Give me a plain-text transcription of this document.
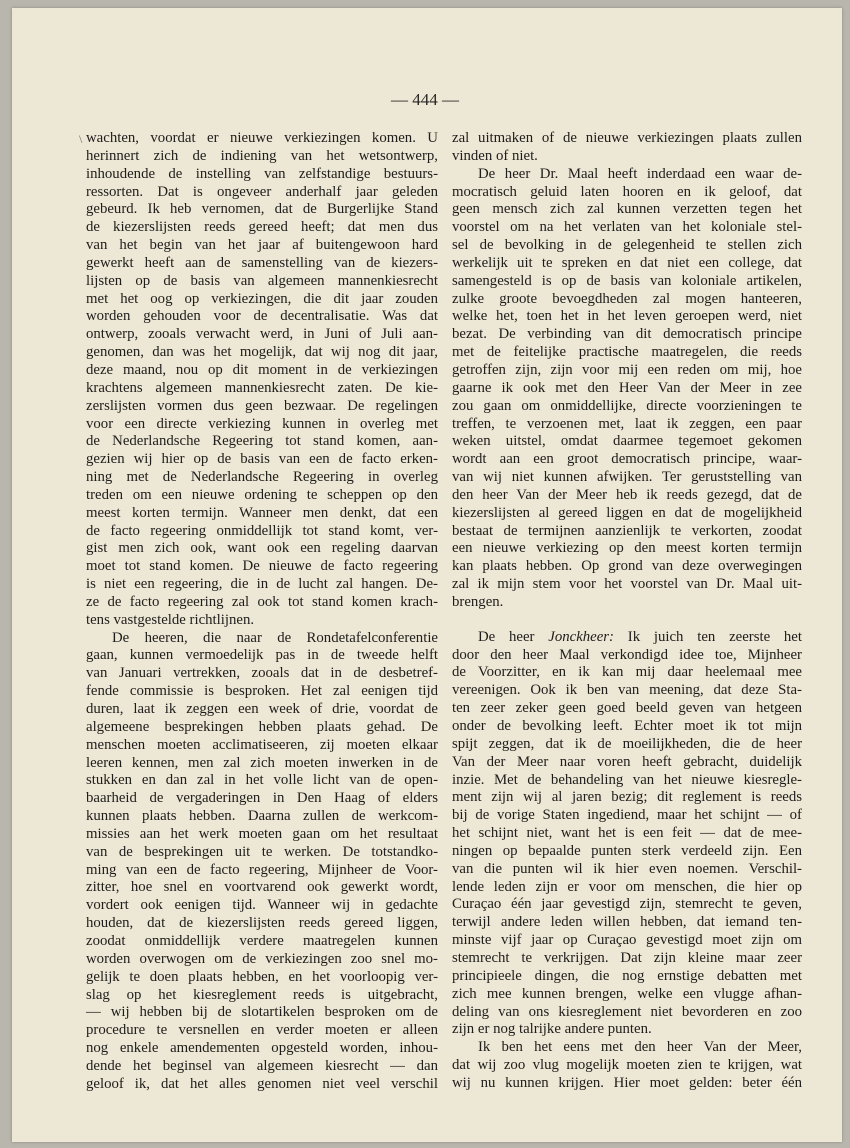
— 444 —
\ wachten, voordat er nieuwe verkiezingen komen. U

herinnert zich de indiening van het wetsontwerp,

inhoudende de instelling van zelfstandige bestuurs-

ressorten. Dat is ongeveer anderhalf jaar geleden

gebeurd. Ik heb vernomen, dat de Burgerlijke Stand

de kiezerslijsten reeds gereed heeft; dat men dus

van het begin van het jaar af buitengewoon hard

gewerkt heeft aan de samenstelling van de kiezers-

lijsten op de basis van algemeen mannenkiesrecht

met het oog op verkiezingen, die dit jaar zouden

worden gehouden voor de decentralisatie. Was dat

ontwerp, zooals verwacht werd, in Juni of Juli aan-

genomen, dan was het mogelijk, dat wij nog dit jaar,

deze maand, nou op dit moment in de verkiezingen

krachtens algemeen mannenkiesrecht zaten. De kie-

zerslijsten vormen dus geen bezwaar. De regelingen

voor een directe verkiezing kunnen in overleg met

de Nederlandsche Regeering tot stand komen, aan-

gezien wij hier op de basis van een de facto erken-

ning met de Nederlandsche Regeering in overleg

treden om een nieuwe ordening te scheppen op den

meest korten termijn. Wanneer men denkt, dat een

de facto regeering onmiddellijk tot stand komt, ver-

gist men zich ook, want ook een regeling daarvan

moet tot stand komen. De nieuwe de facto regeering

is niet een regeering, die in de lucht zal hangen. De-

ze de facto regeering zal ook tot stand komen krach-

tens vastgestelde richtlijnen.

De heeren, die naar de Rondetafelconferentie

gaan, kunnen vermoedelijk pas in de tweede helft

van Januari vertrekken, zooals dat in de desbetref-

fende commissie is besproken. Het zal eenigen tijd

duren, laat ik zeggen een week of drie, voordat de

algemeene besprekingen hebben plaats gehad. De

menschen moeten acclimatiseeren, zij moeten elkaar

leeren kennen, men zal zich moeten inwerken in de

stukken en dan zal in het volle licht van de open-

baarheid de vergaderingen in Den Haag of elders

kunnen plaats hebben. Daarna zullen de werkcom-

missies aan het werk moeten gaan om het resultaat

van de besprekingen uit te werken. De totstandko-

ming van een de facto regeering, Mijnheer de Voor-

zitter, hoe snel en voortvarend ook gewerkt wordt,

vordert ook eenigen tijd. Wanneer wij in gedachte

houden, dat de kiezerslijsten reeds gereed liggen,

zoodat onmiddellijk verdere maatregelen kunnen

worden overwogen om de verkiezingen zoo snel mo-

gelijk te doen plaats hebben, en het voorloopig ver-

slag op het kiesreglement reeds is uitgebracht,

— wij hebben bij de slotartikelen besproken om de

procedure te versnellen en verder moeten er alleen

nog enkele amendementen opgesteld worden, inhou-

dende het beginsel van algemeen kiesrecht — dan

geloof ik, dat het alles genomen niet veel verschil

zal uitmaken of de nieuwe verkiezingen plaats zullen

vinden of niet.

De heer Dr. Maal heeft inderdaad een waar de-

mocratisch geluid laten hooren en ik geloof, dat

geen mensch zich zal kunnen verzetten tegen het

voorstel om na het verlaten van het koloniale stel-

sel de bevolking in de gelegenheid te stellen zich

werkelijk uit te spreken en dat niet een college, dat

samengesteld is op de basis van koloniale artikelen,

zulke groote bevoegdheden zal mogen hanteeren,

welke het, toen het in het leven geroepen werd, niet

bezat. De verbinding van dit democratisch principe

met de feitelijke practische maatregelen, die reeds

getroffen zijn, zijn voor mij een reden om mij, hoe

gaarne ik ook met den Heer Van der Meer in zee

zou gaan om onmiddellijke, directe voorzieningen te

treffen, te verzoenen met, laat ik zeggen, een paar

weken uitstel, omdat daarmee tegemoet gekomen

wordt aan een groot democratisch principe, waar-

van wij niet kunnen afwijken. Ter geruststelling van

den heer Van der Meer heb ik reeds gezegd, dat de

kiezerslijsten al gereed liggen en dat de mogelijkheid

bestaat de termijnen aanzienlijk te verkorten, zoodat

een nieuwe verkiezing op den meest korten termijn

kan plaats hebben. Op grond van deze overwegingen

zal ik mijn stem voor het voorstel van Dr. Maal uit-

brengen.

De heer Jonckheer: Ik juich ten zeerste het

door den heer Maal verkondigd idee toe, Mijnheer

de Voorzitter, en ik kan mij daar heelemaal mee

vereenigen. Ook ik ben van meening, dat deze Sta-

ten zeer zeker geen goed beeld geven van hetgeen

onder de bevolking leeft. Echter moet ik tot mijn

spijt zeggen, dat ik de moeilijkheden, die de heer

Van der Meer naar voren heeft gebracht, duidelijk

inzie. Met de behandeling van het nieuwe kiesregle-

ment zijn wij al jaren bezig; dit reglement is reeds

bij de vorige Staten ingediend, maar het schijnt — of

het schijnt niet, want het is een feit — dat de mee-

ningen op bepaalde punten sterk verdeeld zijn. Een

van die punten wil ik hier even noemen. Verschil-

lende leden zijn er voor om menschen, die hier op

Curaçao één jaar gevestigd zijn, stemrecht te geven,

terwijl andere leden willen hebben, dat iemand ten-

minste vijf jaar op Curaçao gevestigd moet zijn om

stemrecht te verkrijgen. Dat zijn kleine maar zeer

principieele dingen, die nog ernstige debatten met

zich mee kunnen brengen, welke een vlugge afhan-

deling van ons kiesreglement niet bevorderen en zoo

zijn er nog talrijke andere punten.

Ik ben het eens met den heer Van der Meer,

dat wij zoo vlug mogelijk moeten zien te krijgen, wat

wij nu kunnen krijgen. Hier moet gelden: beter één
